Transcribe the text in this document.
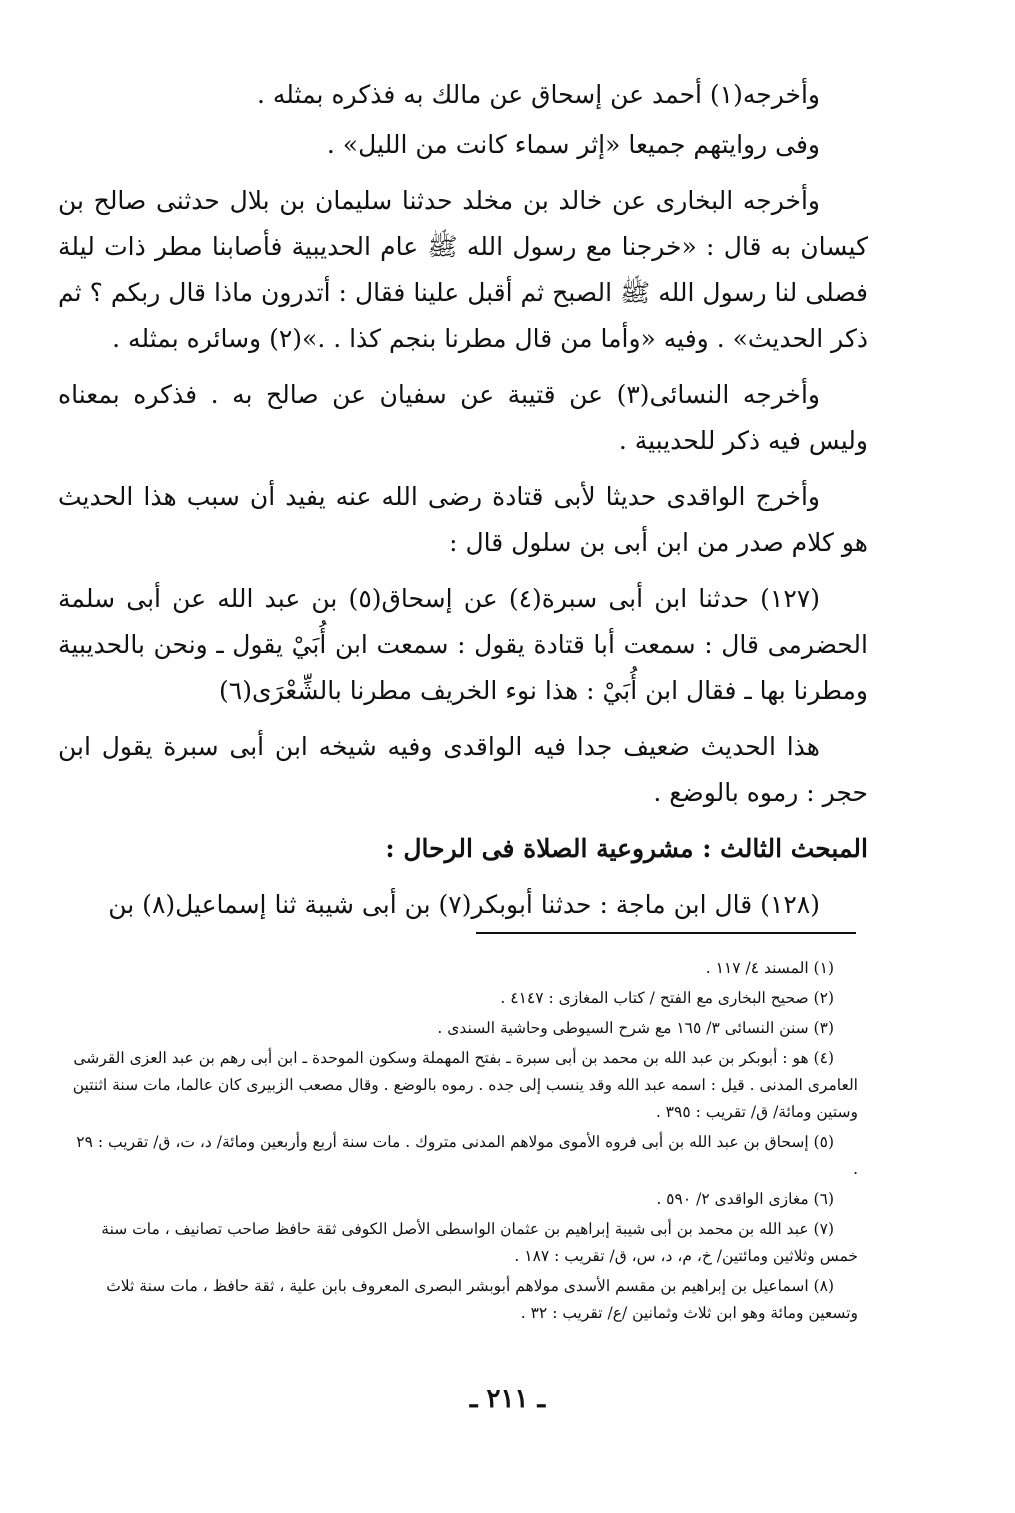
وأخرجه(١) أحمد عن إسحاق عن مالك به فذكره بمثله .

وفى روايتهم جميعا «إثر سماء كانت من الليل» .

وأخرجه البخارى عن خالد بن مخلد حدثنا سليمان بن بلال حدثنى صالح بن كيسان به قال : «خرجنا مع رسول الله ﷺ عام الحديبية فأصابنا مطر ذات ليلة فصلى لنا رسول الله ﷺ الصبح ثم أقبل علينا فقال : أتدرون ماذا قال ربكم ؟ ثم ذكر الحديث» . وفيه «وأما من قال مطرنا بنجم كذا . .»(٢) وسائره بمثله .

وأخرجه النسائى(٣) عن قتيبة عن سفيان عن صالح به . فذكره بمعناه وليس فيه ذكر للحديبية .

وأخرج الواقدى حديثا لأبى قتادة رضى الله عنه يفيد أن سبب هذا الحديث هو كلام صدر من ابن أبى بن سلول قال :

(١٢٧) حدثنا ابن أبى سبرة(٤) عن إسحاق(٥) بن عبد الله عن أبى سلمة الحضرمى قال : سمعت أبا قتادة يقول : سمعت ابن أُبَيْ يقول ـ ونحن بالحديبية ومطرنا بها ـ فقال ابن أُبَيْ : هذا نوء الخريف مطرنا بالشِّعْرَى(٦)

هذا الحديث ضعيف جدا فيه الواقدى وفيه شيخه ابن أبى سبرة يقول ابن حجر : رموه بالوضع .

المبحث الثالث : مشروعية الصلاة فى الرحال :

(١٢٨) قال ابن ماجة : حدثنا أبوبكر(٧) بن أبى شيبة ثنا إسماعيل(٨) بن

(١) المسند ٤/ ١١٧ .

(٢) صحيح البخارى مع الفتح / كتاب المغازى : ٤١٤٧ .

(٣) سنن النسائى ٣/ ١٦٥ مع شرح السيوطى وحاشية السندى .

(٤) هو : أبوبكر بن عبد الله بن محمد بن أبى سبرة ـ بفتح المهملة وسكون الموحدة ـ ابن أبى رهم بن عبد العزى القرشى العامرى المدنى . قيل : اسمه عبد الله وقد ينسب إلى جده . رموه بالوضع . وقال مصعب الزبيرى كان عالما، مات سنة اثنتين وستين ومائة/ ق/ تقريب : ٣٩٥ .

(٥) إسحاق بن عبد الله بن أبى فروه الأموى مولاهم المدنى متروك . مات سنة أربع وأربعين ومائة/ د، ت، ق/ تقريب : ٢٩ .

(٦) مغازى الواقدى ٢/ ٥٩٠ .

(٧) عبد الله بن محمد بن أبى شيبة إبراهيم بن عثمان الواسطى الأصل الكوفى ثقة حافظ صاحب تصانيف ، مات سنة خمس وثلاثين ومائتين/ خ، م، د، س، ق/ تقريب : ١٨٧ .

(٨) اسماعيل بن إبراهيم بن مقسم الأسدى مولاهم أبوبشر البصرى المعروف بابن علية ، ثقة حافظ ، مات سنة ثلاث وتسعين ومائة وهو ابن ثلاث وثمانين /ع/ تقريب : ٣٢ .

ـ ٢١١ ـ
